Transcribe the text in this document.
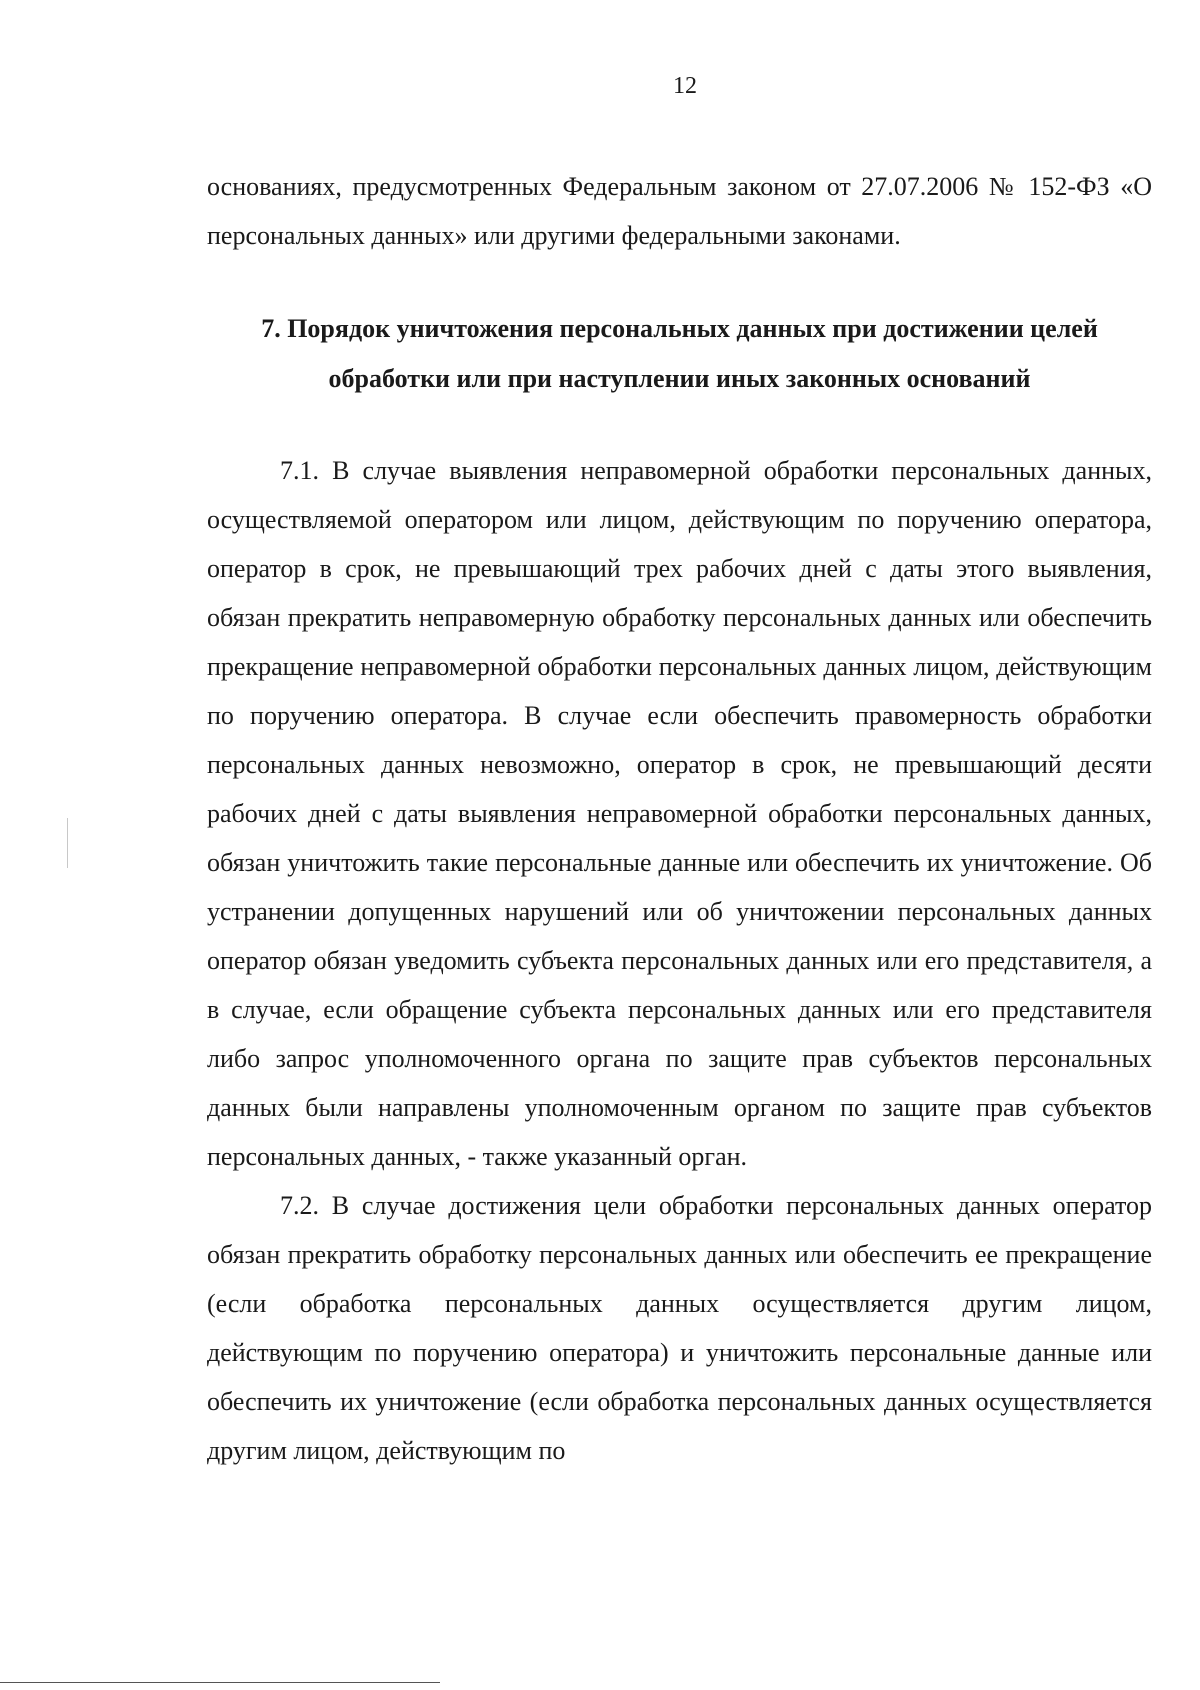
12

основаниях, предусмотренных Федеральным законом от 27.07.2006 № 152-ФЗ «О персональных данных» или другими федеральными законами.

7. Порядок уничтожения персональных данных при достижении целей обработки или при наступлении иных законных оснований

7.1. В случае выявления неправомерной обработки персональных данных, осуществляемой оператором или лицом, действующим по поручению оператора, оператор в срок, не превышающий трех рабочих дней с даты этого выявления, обязан прекратить неправомерную обработку персональных данных или обеспечить прекращение неправомерной обработки персональных данных лицом, действующим по поручению оператора. В случае если обеспечить правомерность обработки персональных данных невозможно, оператор в срок, не превышающий десяти рабочих дней с даты выявления неправомерной обработки персональных данных, обязан уничтожить такие персональные данные или обеспечить их уничтожение. Об устранении допущенных нарушений или об уничтожении персональных данных оператор обязан уведомить субъекта персональных данных или его представителя, а в случае, если обращение субъекта персональных данных или его представителя либо запрос уполномоченного органа по защите прав субъектов персональных данных были направлены уполномоченным органом по защите прав субъектов персональных данных, - также указанный орган.

7.2. В случае достижения цели обработки персональных данных оператор обязан прекратить обработку персональных данных или обеспечить ее прекращение (если обработка персональных данных осуществляется другим лицом, действующим по поручению оператора) и уничтожить персональные данные или обеспечить их уничтожение (если обработка персональных данных осуществляется другим лицом, действующим по
